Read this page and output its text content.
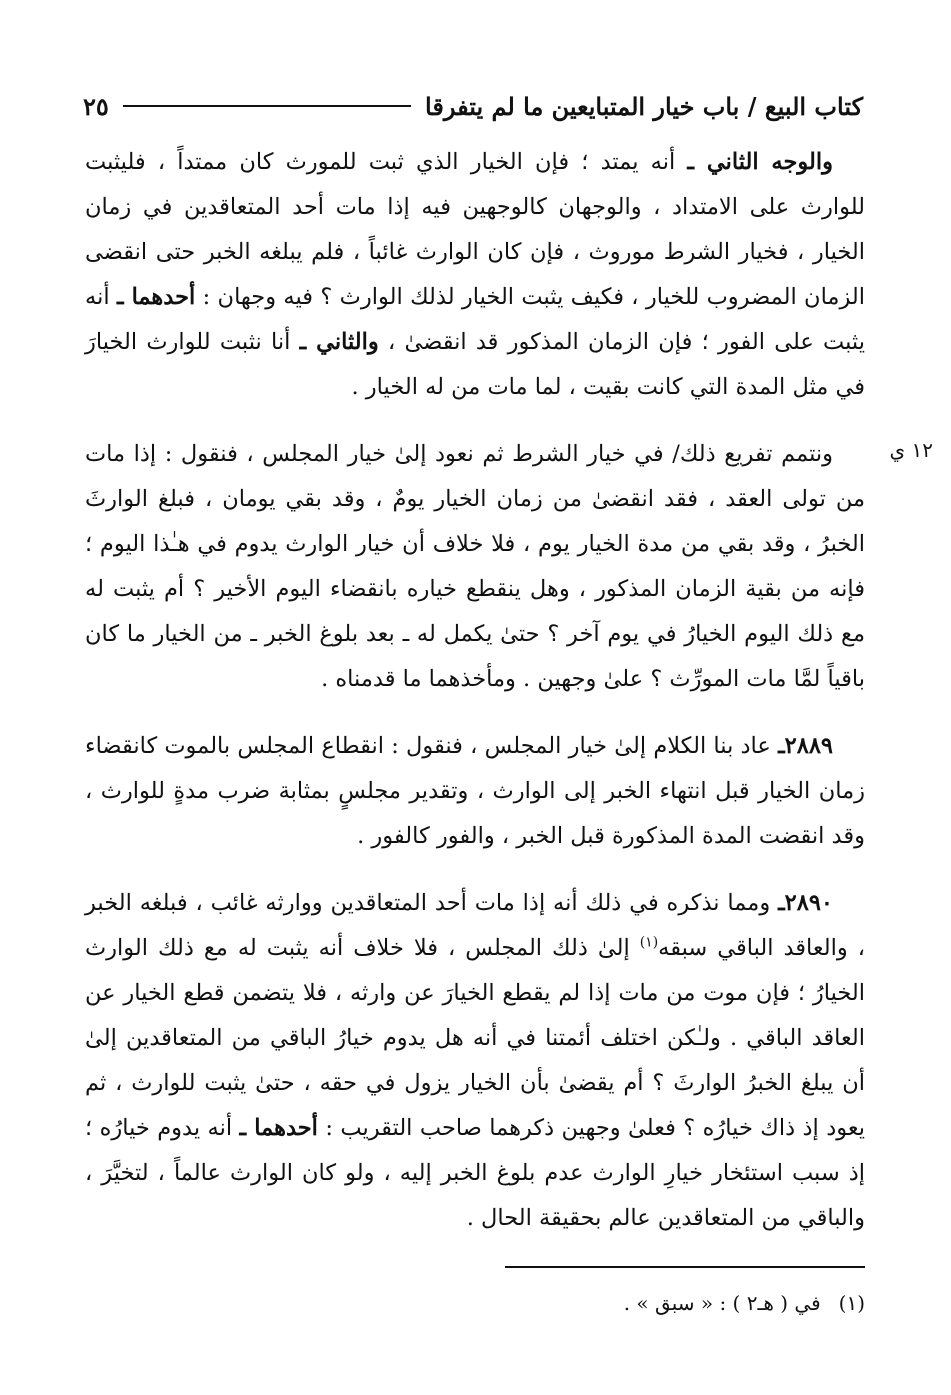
كتاب البيع / باب خيار المتبايعين ما لم يتفرقا
٢٥
١٢ ي

والوجه الثاني ـ أنه يمتد ؛ فإن الخيار الذي ثبت للمورث كان ممتداً ، فليثبت للوارث على الامتداد ، والوجهان كالوجهين فيه إذا مات أحد المتعاقدين في زمان الخيار ، فخيار الشرط موروث ، فإن كان الوارث غائباً ، فلم يبلغه الخبر حتى انقضى الزمان المضروب للخيار ، فكيف يثبت الخيار لذلك الوارث ؟ فيه وجهان : أحدهما ـ أنه يثبت على الفور ؛ فإن الزمان المذكور قد انقضىٰ ، والثاني ـ أنا نثبت للوارث الخيارَ في مثل المدة التي كانت بقيت ، لما مات من له الخيار .

ونتمم تفريع ذلك/ في خيار الشرط ثم نعود إلىٰ خيار المجلس ، فنقول : إذا مات من تولى العقد ، فقد انقضىٰ من زمان الخيار يومٌ ، وقد بقي يومان ، فبلغ الوارثَ الخبرُ ، وقد بقي من مدة الخيار يوم ، فلا خلاف أن خيار الوارث يدوم في هـٰذا اليوم ؛ فإنه من بقية الزمان المذكور ، وهل ينقطع خياره بانقضاء اليوم الأخير ؟ أم يثبت له مع ذلك اليوم الخيارُ في يوم آخر ؟ حتىٰ يكمل له ـ بعد بلوغ الخبر ـ من الخيار ما كان باقياً لمَّا مات المورِّث ؟ علىٰ وجهين . ومأخذهما ما قدمناه .

٢٨٨٩ـ عاد بنا الكلام إلىٰ خيار المجلس ، فنقول : انقطاع المجلس بالموت كانقضاء زمان الخيار قبل انتهاء الخبر إلى الوارث ، وتقدير مجلسٍ بمثابة ضرب مدةٍ للوارث ، وقد انقضت المدة المذكورة قبل الخبر ، والفور كالفور .

٢٨٩٠ـ ومما نذكره في ذلك أنه إذا مات أحد المتعاقدين ووارثه غائب ، فبلغه الخبر ، والعاقد الباقي سبقه$^{(١)}$ إلىٰ ذلك المجلس ، فلا خلاف أنه يثبت له مع ذلك الوارث الخيارُ ؛ فإن موت من مات إذا لم يقطع الخيارَ عن وارثه ، فلا يتضمن قطع الخيار عن العاقد الباقي . ولـٰكن اختلف أئمتنا في أنه هل يدوم خيارُ الباقي من المتعاقدين إلىٰ أن يبلغ الخبرُ الوارثَ ؟ أم يقضىٰ بأن الخيار يزول في حقه ، حتىٰ يثبت للوارث ، ثم يعود إذ ذاك خيارُه ؟ فعلىٰ وجهين ذكرهما صاحب التقريب : أحدهما ـ أنه يدوم خيارُه ؛ إذ سبب استئخار خيارِ الوارث عدم بلوغ الخبر إليه ، ولو كان الوارث عالماً ، لتخيَّرَ ، والباقي من المتعاقدين عالم بحقيقة الحال .

(١)في ( هـ٢ ) : « سبق » .
